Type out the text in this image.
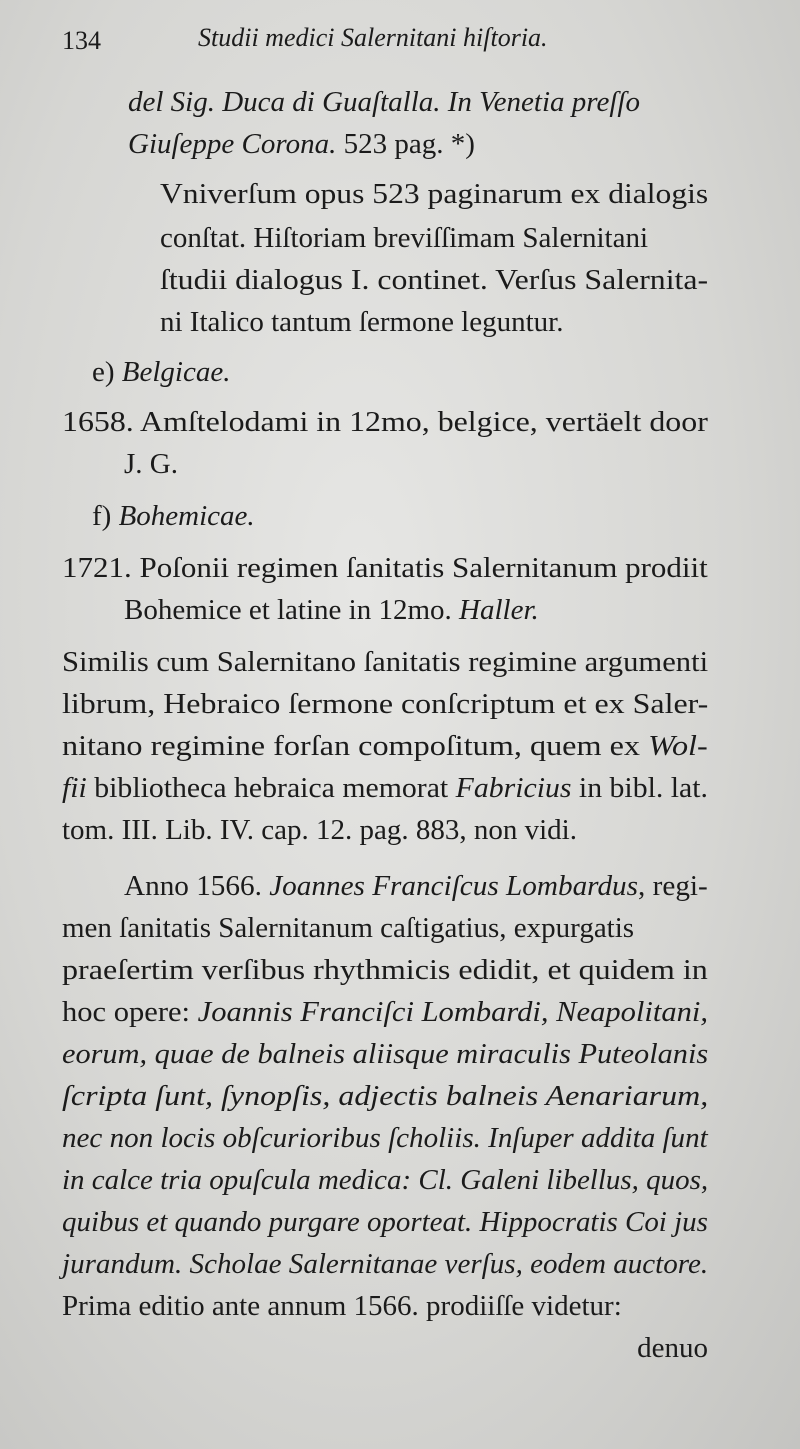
134	Studii medici Salernitani hiſtoria.
del Sig. Duca di Guaſtalla. In Venetia preſſo
Giuſeppe Corona. 523 pag. *)
Vniverſum opus 523 paginarum ex dialogis
conſtat. Hiſtoriam breviſſimam Salernitani
ſtudii dialogus I. continet. Verſus Salernita-
ni Italico tantum ſermone leguntur.
e) Belgicae.
1658. Amſtelodami in 12mo, belgice, vertäelt door
J. G.
f) Bohemicae.
1721. Poſonii regimen ſanitatis Salernitanum prodiit
Bohemice et latine in 12mo. Haller.
Similis cum Salernitano ſanitatis regimine argumenti
librum, Hebraico ſermone conſcriptum et ex Saler-
nitano regimine forſan compoſitum, quem ex Wol-
fii bibliotheca hebraica memorat Fabricius in bibl. lat.
tom. III. Lib. IV. cap. 12. pag. 883, non vidi.
Anno 1566. Joannes Franciſcus Lombardus, regi-
men ſanitatis Salernitanum caſtigatius, expurgatis
praeſertim verſibus rhythmicis edidit, et quidem in
hoc opere: Joannis Franciſci Lombardi, Neapolitani,
eorum, quae de balneis aliisque miraculis Puteolanis
ſcripta ſunt, ſynopſis, adjectis balneis Aenariarum,
nec non locis obſcurioribus ſcholiis. Inſuper addita ſunt
in calce tria opuſcula medica: Cl. Galeni libellus, quos,
quibus et quando purgare oporteat. Hippocratis Coi jus
jurandum. Scholae Salernitanae verſus, eodem auctore.
Prima editio ante annum 1566. prodiiſſe videtur:
denuo
